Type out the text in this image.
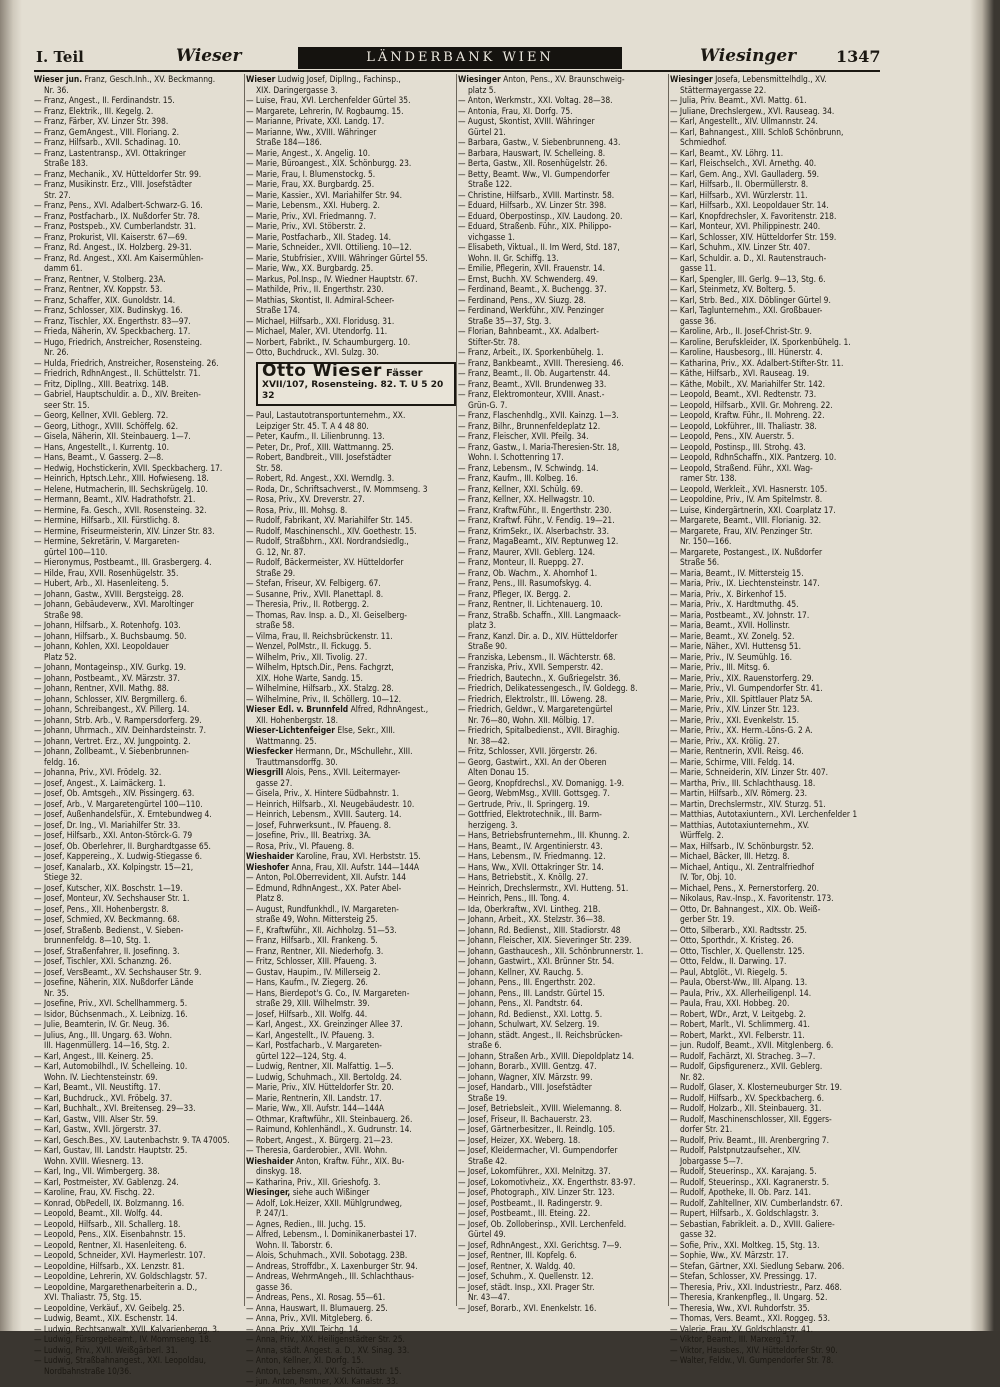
I. Teil	Wieser	LÄNDERBANK WIEN	Wiesinger 1347
Wieser jun. Franz, Gesch.Inh., XV. Beckmanng.
Nr. 36.
— Franz, Angest., II. Ferdinandstr. 15.
— Franz, Elektrik., III. Kegelg. 2.
— Franz, Färber, XV. Linzer Str. 398.
— Franz, GemAngest., VIII. Floriang. 2.
— Franz, Hilfsarb., XVII. Schadinag. 10.
— Franz, Lastentransp., XVI. Ottakringer
Straße 183.
— Franz, Mechanik., XV. Hütteldorfer Str. 99.
— Franz, Musikinstr. Erz., VIII. Josefstädter
Str. 27.
— Franz, Pens., XVI. Adalbert-Schwarz-G. 16.
— Franz, Postfacharb., IX. Nußdorfer Str. 78.
— Franz, Postspeb., XV. Cumberlandstr. 31.
— Franz, Prokurist, VII. Kaiserstr. 67—69.
— Franz, Rd. Angest., IX. Holzberg. 29-31.
— Franz, Rd. Angest., XXI. Am Kaisermühlen-
damm 61.
— Franz, Rentner, V. Stolberg. 23A.
— Franz, Rentner, XV. Koppstr. 53.
— Franz, Schaffer, XIX. Gunoldstr. 14.
— Franz, Schlosser, XIX. Budinskyg. 16.
— Franz, Tischler, XX. Engerthstr. 83—97.
— Frieda, Näherin, XV. Speckbacherg. 17.
— Hugo, Friedrich, Anstreicher, Rosensteing.
Nr. 26.
— Hulda, Friedrich, Anstreicher, Rosensteing. 26.
— Friedrich, RdhnAngest., II. Schüttelstr. 71.
— Fritz, DiplIng., XIII. Beatrixg. 14B.
— Gabriel, Hauptschuldir. a. D., XIV. Breiten-
seer Str. 15.
— Georg, Kellner, XVII. Geblerg. 72.
— Georg, Lithogr., XVIII. Schöffelg. 62.
— Gisela, Näherin, XII. Steinbauerg. 1—7.
— Hans, Angestellt., I. Kurrentg. 10.
— Hans, Beamt., V. Gasserg. 2—8.
— Hedwig, Hochstickerin, XVII. Speckbacherg. 17.
— Heinrich, Hptsch.Lehr., XIII. Hofwieseng. 18.
— Helene, Hutmacherin, III. Sechskrügelg. 10.
— Hermann, Beamt., XIV. Hadrathofstr. 21.
— Hermine, Fa. Gesch., XVII. Rosensteing. 32.
— Hermine, Hilfsarb., XII. Fürstlichg. 8.
— Hermine, Friseurmeisterin, XIV. Linzer Str. 83.
— Hermine, Sekretärin, V. Margareten-
gürtel 100—110.
— Hieronymus, Postbeamt., III. Grasbergerg. 4.
— Hilde, Frau, XVII. Rosenhügelstr. 35.
— Hubert, Arb., XI. Hasenleiteng. 5.
— Johann, Gastw., XVIII. Bergsteigg. 28.
— Johann, Gebäudeverw., XVI. Maroltinger
Straße 98.
— Johann, Hilfsarb., X. Rotenhofg. 103.
— Johann, Hilfsarb., X. Buchsbaumg. 50.
— Johann, Kohlen, XXI. Leopoldauer
Platz 52.
— Johann, Montageinsp., XIV. Gurkg. 19.
— Johann, Postbeamt., XV. Märzstr. 37.
— Johann, Rentner, XVII. Mathg. 88.
— Johann, Schlosser, XIV. Bergmillerg. 6.
— Johann, Schreibangest., XV. Pillerg. 14.
— Johann, Strb. Arb., V. Rampersdorferg. 29.
— Johann, Uhrmach., XIV. Deinhardsteinstr. 7.
— Johann, Vertret. Erz., XV. Jungpointg. 2.
— Johann, Zollbeamt., V. Siebenbrunnen-
feldg. 16.
— Johanna, Priv., XVI. Frödelg. 32.
— Josef, Angest., X. Laimäckerg. 1.
— Josef, Ob. Amtsgeh., XIV. Pissingerg. 63.
— Josef, Arb., V. Margaretengürtel 100—110.
— Josef, Außenhandelsfür., X. Erntebundweg 4.
— Josef, Dr. Ing., VI. Mariahilfer Str. 33.
— Josef, Hilfsarb., XXI. Anton-Störck-G. 79
— Josef, Ob. Oberlehrer, II. Burghardtgasse 65.
— Josef, Kappereing., X. Ludwig-Stiegasse 6.
— Josef, Kanalarb., XX. Kolpingstr. 15—21,
Stiege 32.
— Josef, Kutscher, XIX. Boschstr. 1—19.
— Josef, Monteur, XV. Sechshauser Str. 1.
— Josef, Pens., XII. Hohenbergstr. 8.
— Josef, Schmied, XV. Beckmanng. 68.
— Josef, Straßenb. Bedienst., V. Sieben-
brunnenfeldg. 8—10, Stg. 1.
— Josef, Straßenfahrer, II. Josefinng. 3.
— Josef, Tischler, XXI. Schanzng. 26.
— Josef, VersBeamt., XV. Sechshauser Str. 9.
— Josefine, Näherin, XIX. Nußdorfer Lände
Nr. 35.
— Josefine, Priv., XVI. Schellhammerg. 5.
— Isidor, Büchsenmach., X. Leibnizg. 16.
— Julie, Beamterin, IV. Gr. Neug. 36.
— Julius, Ang., III. Ungarg. 63. Wohn.
III. Hagenmüllerg. 14—16, Stg. 2.
— Karl, Angest., III. Keinerg. 25.
— Karl, Automobilhdl., IV. Schelleing. 10.
Wohn. IV. Liechtensteinstr. 69.
— Karl, Beamt., VII. Neustiftg. 17.
— Karl, Buchdruck., XVI. Fröbelg. 37.
— Karl, Buchhalt., XVI. Breitenseg. 29—33.
— Karl, Gastw., VIII. Alser Str. 59.
— Karl, Gastw., XVII. Jörgerstr. 37.
— Karl, Gesch.Bes., XV. Lautenbachstr. 9. TA 47005.
— Karl, Gustav, III. Landstr. Hauptstr. 25.
Wohn. XVIII. Wiesnerg. 13.
— Karl, Ing., VII. Wimbergerg. 38.
— Karl, Postmeister, XV. Gablenzg. 24.
— Karoline, Frau, XV. Fischg. 22.
— Konrad, ObPedell, IX. Bolzmanng. 16.
— Leopold, Beamt., XII. Wolfg. 44.
— Leopold, Hilfsarb., XII. Schallerg. 18.
— Leopold, Pens., XIX. Eisenbahnstr. 15.
— Leopold, Rentner, XI. Hasenleiteng. 6.
— Leopold, Schneider, XVI. Haymerlestr. 107.
— Leopoldine, Hilfsarb., XX. Lenzstr. 81.
— Leopoldine, Lehrerin, XV. Goldschlagstr. 57.
— Leopoldine, Margarethenarbeiterin a. D.,
XVI. Thaliastr. 75, Stg. 15.
— Leopoldine, Verkäuf., XV. Geibelg. 25.
— Ludwig, Beamt., XIX. Eschenstr. 14.
— Ludwig, Rechtsanwalt, XVII. Kalvarienbergg. 3.
— Ludwig, Fürsorgebeamt., IV. Mommseng. 18.
— Ludwig, Priv., XVII. Weißgärberl. 31.
— Ludwig, Straßbahnangest., XXI. Leopoldau,
Nordbahnstraße 10/36.
Wieser Ludwig Josef, DiplIng., Fachinsp.,
XIX. Daringergasse 3.
— Luise, Frau, XVI. Lerchenfelder Gürtel 35.
— Margarete, Lehrerin, IV. Rogbaumg. 15.
— Marianne, Private, XXI. Landg. 17.
— Marianne, Ww., XVIII. Währinger
Straße 184—186.
— Marie, Angest., X. Angelig. 10.
— Marie, Büroangest., XIX. Schönburgg. 23.
— Marie, Frau, I. Blumenstockg. 5.
— Marie, Frau, XX. Burgbardg. 25.
— Marie, Kassier., XVI. Mariahilfer Str. 94.
— Marie, Lebensm., XXI. Huberg. 2.
— Marie, Priv., XVI. Friedmanng. 7.
— Marie, Priv., XVI. Stöberstr. 2.
— Marie, Postfacharb., XII. Stadeg. 14.
— Marie, Schneider., XVII. Ottilieng. 10—12.
— Marie, Stubfrisier., XVIII. Währinger Gürtel 55.
— Marie, Ww., XX. Burgbardg. 25.
— Markus, Pol.Insp., IV. Wiedner Hauptstr. 67.
— Mathilde, Priv., II. Engerthstr. 230.
— Mathias, Skontist, II. Admiral-Scheer-
Straße 174.
— Michael, Hilfsarb., XXI. Floridusg. 31.
— Michael, Maler, XVI. Utendorfg. 11.
— Norbert, Fabrikt., IV. Schaumburgerg. 10.
— Otto, Buchdruck., XVI. Sulzg. 30.
Otto Wieser Fässer
XVII/107, Rosensteing. 82. T. U 5 20 32
— Paul, Lastautotransportunternehm., XX.
Leipziger Str. 45. T. A 4 48 80.
— Peter, Kaufm., II. Lilienbrunng. 13.
— Peter, Dr., Prof., XIII. Wattmanng. 25.
— Robert, Bandbreit., VIII. Josefstädter
Str. 58.
— Robert, Rd. Angest., XXI. Werndlg. 3.
— Roda, Dr., Schriftsachverst., IV. Mommseng. 3
— Rosa, Priv., XV. Dreverstr. 27.
— Rosa, Priv., III. Mohsg. 8.
— Rudolf, Fabrikant, XV. Mariahilfer Str. 145.
— Rudolf, Maschinenschl., XIV. Goethestr. 15.
— Rudolf, Straßbhrn., XXI. Nordrandsiedlg.,
G. 12, Nr. 87.
— Rudolf, Bäckermeister, XV. Hütteldorfer
Straße 29.
— Stefan, Friseur, XV. Felbigerg. 67.
— Susanne, Priv., XVII. Planettapl. 8.
— Theresia, Priv., II. Rotbergg. 2.
— Thomas, Rav. Insp. a. D., XI. Geiselberg-
straße 58.
— Vilma, Frau, II. Reichsbrückenstr. 11.
— Wenzel, PolMstr., II. Fickugg. 5.
— Wilhelm, Priv., XII. Tivolig. 27.
— Wilhelm, Hptsch.Dir., Pens. Fachgrzt,
XIX. Hohe Warte, Sandg. 15.
— Wilhelmine, Hilfsarb., XX. Stalzg. 28.
— Wilhelmine, Priv., II. Schöllerg. 10—12.
Wieser Edl. v. Brunnfeld Alfred, RdhnAngest.,
XII. Hohenbergstr. 18.
Wieser-Lichtenfeiger Else, Sekr., XIII.
Wattmanng. 25.
Wiesfecker Hermann, Dr., MSchullehr., XIII.
Trauttmansdorffg. 30.
Wiesgrill Alois, Pens., XVII. Leitermayer-
gasse 27.
— Gisela, Priv., X. Hintere Südbahnstr. 1.
— Heinrich, Hilfsarb., XI. Neugebäudestr. 10.
— Heinrich, Lebensm., XVIII. Sauterg. 14.
— Josef, Fuhrwerksunt., IV. Pfaueng. 8.
— Josefine, Priv., III. Beatrixg. 3A.
— Rosa, Priv., VI. Pfaueng. 8.
Wieshaider Karoline, Frau, XVI. Herbststr. 15.
Wieshofer Anna, Frau, XII. Aufstr. 144—144A
— Anton, Pol.Oberrevident, XII. Aufstr. 144
— Edmund, RdhnAngest., XX. Pater Abel-
Platz 8.
— August, Rundfunkhdl., IV. Margareten-
straße 49, Wohn. Mittersteig 25.
— F., Kraftwführ., XII. Aichholzg. 51—53.
— Franz, Hilfsarb., XII. Frankeng. 5.
— Franz, Rentner, XII. Niederhofg. 3.
— Fritz, Schlosser, XIII. Pfaueng. 3.
— Gustav, Haupim., IV. Millerseig 2.
— Hans, Kaufm., IV. Ziegerg. 26.
— Hans, Bierdepot's G. Co., IV. Margareten-
straße 29, XIII. Wilhelmstr. 39.
— Josef, Hilfsarb., XII. Wolfg. 44.
— Karl, Angest., XX. Greinzinger Allee 37.
— Karl, Angestellt., IV. Pfaueng. 3.
— Karl, Postfacharb., V. Margareten-
gürtel 122—124, Stg. 4.
— Ludwig, Rentner, XII. Malfattig. 1—5.
— Ludwig, Schuhmach., XII. Bertoldg. 24.
— Marie, Priv., XIV. Hütteldorfer Str. 20.
— Marie, Rentnerin, XII. Landstr. 17.
— Marie, Ww., XII. Aufstr. 144—144A
— Othmar, Kraftwführ., XII. Steinbauerg. 26.
— Raimund, Kohlenhändl., X. Gudrunstr. 14.
— Robert, Angest., X. Bürgerg. 21—23.
— Theresia, Garderobier., XVII. Wohn.
Wieshaider Anton, Kraftw. Führ., XIX. Bu-
dinskyg. 18.
— Katharina, Priv., XII. Grieshofg. 3.
Wiesinger, siehe auch Wißinger
— Adolf, Lok.Heizer, XXII. Mühlgrundweg,
P. 247/1.
— Agnes, Redien., III. Juchg. 15.
— Alfred, Lebensm., I. Dominikanerbastei 17.
Wohn. II. Taborstr. 6.
— Alois, Schuhmach., XVII. Sobotagg. 23B.
— Andreas, Stroffdbr., X. Laxenburger Str. 94.
— Andreas, WehrmAngeh., III. Schlachthaus-
gasse 36.
— Andreas, Pens., XI. Rosag. 55—61.
— Anna, Hauswart, II. Blumauerg. 25.
— Anna, Priv., XVII. Mitgleberg. 6.
— Anna, Priv., XVII. Teichg. 14.
— Anna, Priv., XIX. Heiligenstädter Str. 25.
— Anna, städt. Angest. a. D., XV. Sinag. 33.
— Anton, Kellner, XI. Dorfg. 15.
— Anton, Lebensm., XXI. Schüttaustr. 15.
— jun. Anton, Rentner, XXI. Kanalstr. 33.
Wiesinger Anton, Pens., XV. Braunschweig-
platz 5.
— Anton, Werkmstr., XXI. Voltag. 28—38.
— Antonia, Frau, XI. Dorfg. 75.
— August, Skontist, XVIII. Währinger
Gürtel 21.
— Barbara, Gastw., V. Siebenbrunneng. 43.
— Barbara, Hauswart, IV. Schelleing. 8.
— Berta, Gastw., XII. Rosenhügelstr. 26.
— Betty, Beamt. Ww., VI. Gumpendorfer
Straße 122.
— Christine, Hilfsarb., XVIII. Martinstr. 58.
— Eduard, Hilfsarb., XV. Linzer Str. 398.
— Eduard, Oberpostinsp., XIV. Laudong. 20.
— Eduard, Straßenb. Führ., XIX. Philippo-
vichgasse 1.
— Elisabeth, Viktual., II. Im Werd, Std. 187,
Wohn. II. Gr. Schiffg. 13.
— Emilie, Pflegerin, XVII. Frauenstr. 14.
— Ernst, Buchh. XV. Schwenderg. 49.
— Ferdinand, Beamt., X. Buchengg. 37.
— Ferdinand, Pens., XV. Siuzg. 28.
— Ferdinand, Werkführ., XIV. Penzinger
Straße 35—37, Stg. 3.
— Florian, Bahnbeamt., XX. Adalbert-
Stifter-Str. 78.
— Franz, Arbeit., IX. Sporkenbühelg. 1.
— Franz, Bankbeamt., XVIII. Theresieng. 46.
— Franz, Beamt., II. Ob. Augartenstr. 44.
— Franz, Beamt., XVII. Brundenweg 33.
— Franz, Elektromonteur, XVIII. Anast.-
Grün-G. 7.
— Franz, Flaschenhdlg., XVII. Kainzg. 1—3.
— Franz, Bilhr., Brunnenfeldeplatz 12.
— Franz, Fleischer, XVII. Pfeilg. 34.
— Franz, Gastw., I. Maria-Theresien-Str. 18,
Wohn. I. Schottenring 17.
— Franz, Lebensm., IV. Schwindg. 14.
— Franz, Kaufm., III. Kolbeg. 16.
— Franz, Kellner, XXI. Schülg. 69.
— Franz, Kellner, XX. Hellwagstr. 10.
— Franz, Kraftw.Führ., II. Engerthstr. 230.
— Franz, Kraftwf. Führ., V. Fendig. 19—21.
— Franz, KrimSekr., IX. Alserbachstr. 33.
— Franz, MagaBeamt., XIV. Reptunweg 12.
— Franz, Maurer, XVII. Geblerg. 124.
— Franz, Monteur, II. Rueppg. 27.
— Franz, Ob. Wachm., X. Ahornhof 1.
— Franz, Pens., III. Rasumofskyg. 4.
— Franz, Pfleger, IX. Bergg. 2.
— Franz, Rentner, II. Lichtenauerg. 10.
— Franz, Straßb. Schaffn., XIII. Langmaack-
platz 3.
— Franz, Kanzl. Dir. a. D., XIV. Hütteldorfer
Straße 90.
— Franziska, Lebensm., II. Wächterstr. 68.
— Franziska, Priv., XVII. Semperstr. 42.
— Friedrich, Bautechn., X. Gußriegelstr. 36.
— Friedrich, Delikatessengesch., IV. Goldegg. 8.
— Friedrich, Elektrolstr., III. Löweng. 28.
— Friedrich, Geldwr., V. Margaretengürtel
Nr. 76—80, Wohn. XII. Mölbig. 17.
— Friedrich, Spitalbedienst., XVII. Biraghig.
Nr. 38—42.
— Fritz, Schlosser, XVII. Jörgerstr. 26.
— Georg, Gastwirt., XXI. An der Oberen
Alten Donau 15.
— Georg, Knopfdrechsl., XV. Domanigg. 1-9.
— Georg, WebmMsg., XVIII. Gottsgeg. 7.
— Gertrude, Priv., II. Springerg. 19.
— Gottfried, Elektrotechnik., III. Barm-
herzigeng. 3.
— Hans, Betriebsfrunternehm., III. Khunng. 2.
— Hans, Beamt., IV. Argentinierstr. 43.
— Hans, Lebensm., IV. Friedmanng. 12.
— Hans, Ww., XVII. Ottakringer Str. 14.
— Hans, Betriebstit., X. Knöllg. 27.
— Heinrich, Drechslermstr., XVI. Hutteng. 51.
— Heinrich, Pens., III. Tong. 4.
— Ida, Oberkraftw., XVI. Lintheg. 21B.
— Johann, Arbeit., XX. Stelzstr. 36—38.
— Johann, Rd. Bedienst., XIII. Stadiorstr. 48
— Johann, Fleischer, XIX. Sieveringer Str. 239.
— Johann, Gasthaucesh., XII. Schönbrunnerstr. 1.
— Johann, Gastwirt., XXI. Brünner Str. 54.
— Johann, Kellner, XV. Rauchg. 5.
— Johann, Pens., III. Engerthstr. 202.
— Johann, Pens., III. Landstr. Gürtel 15.
— Johann, Pens., XI. Pandtstr. 64.
— Johann, Rd. Bedienst., XXI. Lottg. 5.
— Johann, Schulwart, XV. Selzerg. 19.
— Johann, städt. Angest., II. Reichsbrücken-
straße 6.
— Johann, Straßen Arb., XVIII. Diepoldplatz 14.
— Johann, Borarb., XVIII. Gentzg. 47.
— Johann, Wagner, XIV. Märzstr. 99.
— Josef, Handarb., VIII. Josefstädter
Straße 19.
— Josef, Betriebsleit., XVIII. Wielemanng. 8.
— Josef, Friseur, II. Bachauerstr. 23.
— Josef, Gärtnerbesitzer., II. Reindlg. 105.
— Josef, Heizer, XX. Weberg. 18.
— Josef, Kleidermacher, VI. Gumpendorfer
Straße 42.
— Josef, Lokomführer., XXI. Melnitzg. 37.
— Josef, Lokomotivheiz., XX. Engerthstr. 83-97.
— Josef, Photograph., XIV. Linzer Str. 123.
— Josef, Postbeamt., II. Radingerstr. 9.
— Josef, Postbeamt., III. Eteing. 22.
— Josef, Ob. Zolloberinsp., XVII. Lerchenfeld.
Gürtel 49.
— Josef, RdhnAngest., XXI. Gerichtsg. 7—9.
— Josef, Rentner, III. Kopfelg. 6.
— Josef, Rentner, X. Waldg. 40.
— Josef, Schuhm., X. Quellenstr. 12.
— Josef, städt. Insp., XXI. Prager Str.
Nr. 43—47.
— Josef, Borarb., XVI. Enenkelstr. 16.
Wiesinger Josefa, Lebensmittelhdlg., XV.
Stättermayergasse 22.
— Julia, Priv. Beamt., XVI. Mattg. 61.
— Juliane, Drechslergew., XVI. Rauseag. 34.
— Karl, Angestellt., XIV. Ullmannstr. 24.
— Karl, Bahnangest., XIII. Schloß Schönbrunn,
Schmiedhof.
— Karl, Beamt., XV. Löhrg. 11.
— Karl, Fleischselch., XVI. Arnethg. 40.
— Karl, Gem. Ang., XVI. Gaulladerg. 59.
— Karl, Hilfsarb., II. Obermüllerstr. 8.
— Karl, Hilfsarb., XVI. Würzlerstr. 11.
— Karl, Hilfsarb., XXI. Leopoldauer Str. 14.
— Karl, Knopfdrechsler, X. Favoritenstr. 218.
— Karl, Monteur, XVI. Philippinestr. 240.
— Karl, Schlosser, XIV. Hütteldorfer Str. 159.
— Karl, Schuhm., XIV. Linzer Str. 407.
— Karl, Schuldir. a. D., XI. Rautenstrauch-
gasse 11.
— Karl, Spengler, III. Gerlg. 9—13, Stg. 6.
— Karl, Steinmetz, XV. Bolterg. 5.
— Karl, Strb. Bed., XIX. Döblinger Gürtel 9.
— Karl, Taglunternehm., XXI. Großbauer-
gasse 36.
— Karoline, Arb., II. Josef-Christ-Str. 9.
— Karoline, Berufskleider, IX. Sporkenbühelg. 1.
— Karoline, Hausbesorg., III. Hünerstr. 4.
— Katharina, Priv., XX. Adalbert-Stifter-Str. 11.
— Käthe, Hilfsarb., XVI. Rauseag. 19.
— Käthe, Mobilt., XV. Mariahilfer Str. 142.
— Leopold, Beamt., XVI. Redtenstr. 73.
— Leopold, Hilfsarb., XVII. Gr. Mohreng. 22.
— Leopold, Kraftw. Führ., II. Mohreng. 22.
— Leopold, Lokführer., III. Thaliastr. 38.
— Leopold, Pens., XIV. Auerstr. 5.
— Leopold, Postinsp., III. Strohg. 43.
— Leopold, RdhnSchaffn., XIX. Pantzerg. 10.
— Leopold, Straßend. Führ., XXI. Wag-
ramer Str. 138.
— Leopold, Werkleit., XVI. Hasnerstr. 105.
— Leopoldine, Priv., IV. Am Spitelmstr. 8.
— Luise, Kindergärtnerin, XXI. Coarplatz 17.
— Margarete, Beamt., VIII. Florianig. 32.
— Margarete, Frau, XIV. Penzinger Str.
Nr. 150—166.
— Margarete, Postangest., IX. Nußdorfer
Straße 56.
— Maria, Beamt., IV. Mittersteig 15.
— Maria, Priv., IX. Liechtensteinstr. 147.
— Maria, Priv., X. Birkenhof 15.
— Maria, Priv., X. Hardtmuthg. 45.
— Maria, Postbeamt., XV. Johnstr. 17.
— Maria, Beamt., XVII. Hollinstr.
— Marie, Beamt., XV. Zonelg. 52.
— Marie, Näher., XVI. Huttensg 51.
— Marie, Priv., IV. Seumühlg. 16.
— Marie, Priv., III. Mitsg. 6.
— Marie, Priv., XIX. Rauenstorferg. 29.
— Marie, Priv., VI. Gumpendorfer Str. 41.
— Marie, Priv., XII. Spittlauer Platz 5A.
— Marie, Priv., XIV. Linzer Str. 123.
— Marie, Priv., XXI. Evenkelstr. 15.
— Marie, Priv., XX. Herm.-Löns-G. 2 A.
— Marie, Priv., XX. Krölig. 27.
— Marie, Rentnerin, XVII. Reisg. 46.
— Marie, Schirme, VIII. Feldg. 14.
— Marie, Schneiderin, XIV. Linzer Str. 407.
— Martha, Priv., III. Schlachthausg. 18.
— Martin, Hilfsarb., XIV. Römerg. 23.
— Martin, Drechslermstr., XIV. Sturzg. 51.
— Matthias, Autotaxiuntern., XVI. Lerchenfelder 1
— Matthias, Autotaxiunternehm., XV.
Würffelg. 2.
— Max, Hilfsarb., IV. Schönburgstr. 52.
— Michael, Bäcker, III. Hetzg. 8.
— Michael, Antiqu., XI. Zentralfriedhof
IV. Tor, Obj. 10.
— Michael, Pens., X. Pernerstorferg. 20.
— Nikolaus, Rav.-Insp., X. Favoritenstr. 173.
— Otto, Dr. Bahnangest., XIX. Ob. Weiß-
gerber Str. 19.
— Otto, Silberarb., XXI. Radtsstr. 25.
— Otto, Sporthdr., X. Kristeg. 26.
— Otto, Tischler, X. Quellenstr. 125.
— Otto, Feldw., II. Darwing. 17.
— Paul, Abtglöt., VI. Riegelg. 5.
— Paula, Oberst-Ww., III. Alpang. 13.
— Paula, Priv., XX. Allerheiligenpl. 14.
— Paula, Frau, XXI. Hobbeg. 20.
— Robert, WDr., Arzt, V. Leitgebg. 2.
— Robert, Marlt., VI. Schlimmerg. 41.
— Robert, Markt., XVI. Felberstr. 11.
— jun. Rudolf, Beamt., XVII. Mitglenberg. 6.
— Rudolf, Fachärzt, XI. Stracheg. 3—7.
— Rudolf, Gipsfigurenerz., XVII. Geblerg.
Nr. 82.
— Rudolf, Glaser, X. Klosterneuburger Str. 19.
— Rudolf, Hilfsarb., XV. Speckbacherg. 6.
— Rudolf, Holzarb., XII. Steinbauerg. 31.
— Rudolf, Maschinenschlosser, XII. Eggers-
dorfer Str. 21.
— Rudolf, Priv. Beamt., III. Arenbergring 7.
— Rudolf, Palstpnutzaufseher., XIV.
Jobargasse 5—7.
— Rudolf, Steuerinsp., XX. Karajang. 5.
— Rudolf, Steuerinsp., XXI. Kagranerstr. 5.
— Rudolf, Apotheke, II. Ob. Parz. 141.
— Rudolf, Zahltellner, XIV. Cumberlandstr. 67.
— Rupert, Hilfsarb., X. Goldschlagstr. 3.
— Sebastian, Fabrikleit. a. D., XVIII. Galiere-
gasse 32.
— Sofie, Priv., XXI. Moltkeg. 15, Stg. 13.
— Sophie, Ww., XV. Märzstr. 17.
— Stefan, Gärtner, XXI. Siedlung Sebarw. 206.
— Stefan, Schlosser, XV. Pressingg. 17.
— Theresia, Priv., XXI. Industriestr., Parz. 468.
— Theresia, Krankenpfleg., II. Ungarg. 52.
— Theresia, Ww., XVI. Ruhdorfstr. 35.
— Thomas, Vers. Beamt., XXI. Roggeg. 53.
— Valerie, Frau, XV. Goldschlagstr. 41.
— Viktor, Beamt., III. Marxerg. 17.
— Viktor, Hausbes., XIV. Hütteldorfer Str. 90.
— Walter, Feldw., VI. Gumpendorfer Str. 78.
